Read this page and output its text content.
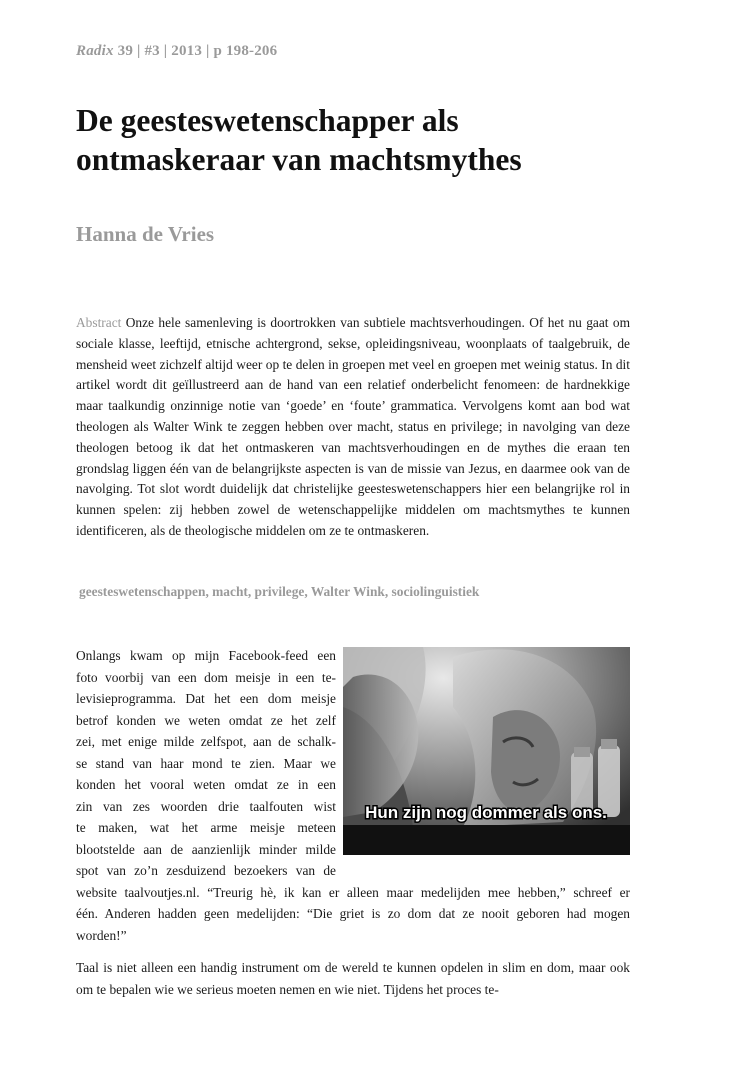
Radix 39 | #3 | 2013 | p 198-206
De geesteswetenschapper als ontmaskeraar van machtsmythes
Hanna de Vries

Abstract Onze hele samenleving is doortrokken van subtiele machtsverhoudingen. Of het nu gaat om sociale klasse, leeftijd, etnische achtergrond, sekse, opleidingsniveau, woonplaats of taalgebruik, de mensheid weet zichzelf altijd weer op te delen in groepen met veel en groepen met weinig status. In dit artikel wordt dit geïllustreerd aan de hand van een relatief onderbelicht fenomeen: de hardnekkige maar taalkundig onzinnige notie van ‘goede’ en ‘foute’ grammatica. Vervolgens komt aan bod wat theologen als Walter Wink te zeggen hebben over macht, status en privilege; in navolging van deze theologen betoog ik dat het ontmaskeren van machtsverhoudingen en de mythes die eraan ten grondslag liggen één van de belangrijkste aspecten is van de missie van Jezus, en daarmee ook van de navolging. Tot slot wordt duidelijk dat christelijke geesteswetenschappers hier een belangrijke rol in kunnen spelen: zij hebben zowel de wetenschappelijke middelen om machtsmythes te kunnen identificeren, als de theologische middelen om ze te ontmaskeren.

geesteswetenschappen, macht, privilege, Walter Wink, sociolinguistiek

Hun zijn nog dommer als ons.

Onlangs kwam op mijn Facebook-feed een
foto voorbij van een dom meisje in een te-
levisieprogramma. Dat het een dom meisje
betrof konden we weten omdat ze het zelf
zei, met enige milde zelfspot, aan de schalk-
se stand van haar mond te zien. Maar we
konden het vooral weten omdat ze in een
zin van zes woorden drie taalfouten wist
te maken, wat het arme meisje meteen
blootstelde aan de aanzienlijk minder milde
spot van zo’n zesduizend bezoekers van de
website taalvoutjes.nl. “Treurig hè, ik kan er alleen maar medelijden mee hebben,” schreef er
één. Anderen hadden geen medelijden: “Die griet is zo dom dat ze nooit geboren had mogen
worden!”

Taal is niet alleen een handig instrument om de wereld te kunnen opdelen in slim en dom, maar ook om te bepalen wie we serieus moeten nemen en wie niet. Tijdens het proces te-
